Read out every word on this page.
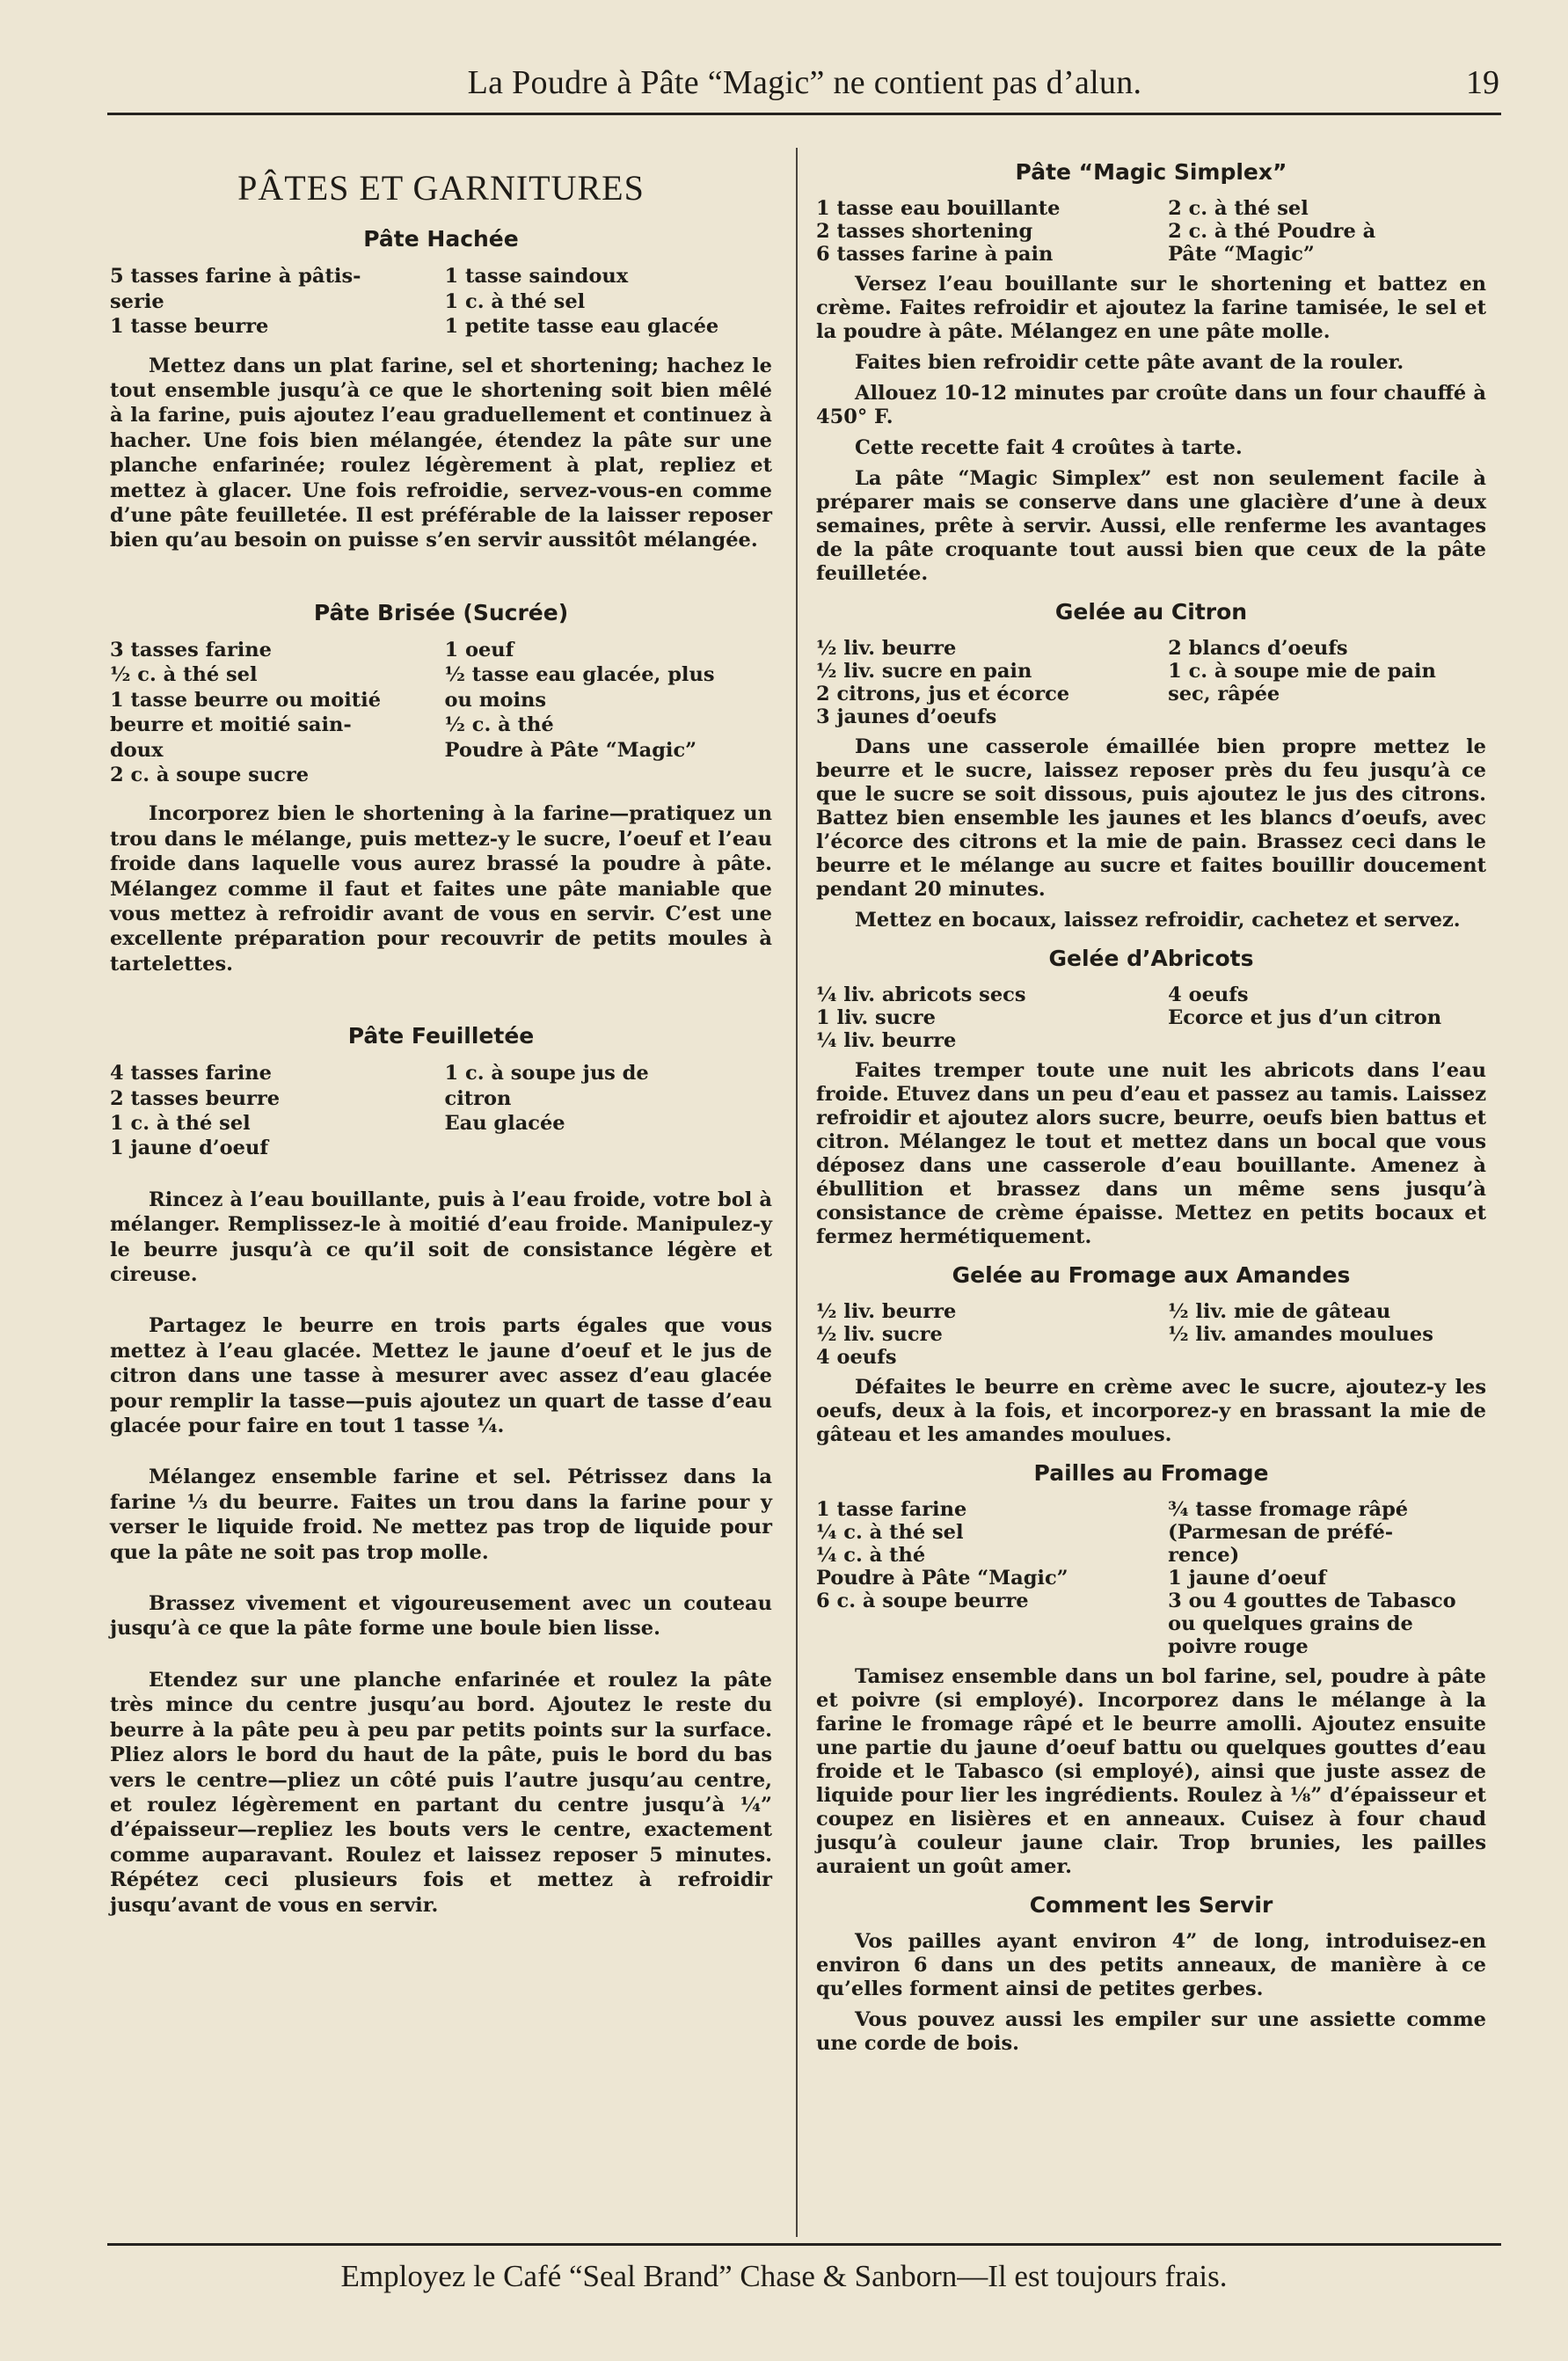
La Poudre à Pâte “Magic” ne contient pas d’alun.	19
PÂTES ET GARNITURES
Pâte Hachée
5 tasses farine à pâtis-
serie
1 tasse beurre
1 tasse saindoux
1 c. à thé sel
1 petite tasse eau glacée

Mettez dans un plat farine, sel et shortening; hachez le tout ensemble jusqu’à ce que le shortening soit bien mêlé à la farine, puis ajoutez l’eau graduellement et continuez à hacher. Une fois bien mélangée, étendez la pâte sur une planche enfarinée; roulez légèrement à plat, repliez et mettez à glacer. Une fois refroidie, servez-vous-en comme d’une pâte feuilletée. Il est préférable de la laisser reposer bien qu’au besoin on puisse s’en servir aussitôt mélangée.

Pâte Brisée (Sucrée)
3 tasses farine
½ c. à thé sel
1 tasse beurre ou moitié
beurre et moitié sain-
doux
2 c. à soupe sucre
1 oeuf
½ tasse eau glacée, plus
ou moins
½ c. à thé
Poudre à Pâte “Magic”

Incorporez bien le shortening à la farine—pratiquez un trou dans le mélange, puis mettez-y le sucre, l’oeuf et l’eau froide dans laquelle vous aurez brassé la poudre à pâte. Mélangez comme il faut et faites une pâte maniable que vous mettez à refroidir avant de vous en servir. C’est une excellente préparation pour recouvrir de petits moules à tartelettes.

Pâte Feuilletée
4 tasses farine
2 tasses beurre
1 c. à thé sel
1 jaune d’oeuf
1 c. à soupe jus de
citron
Eau glacée

Rincez à l’eau bouillante, puis à l’eau froide, votre bol à mélanger. Remplissez-le à moitié d’eau froide. Manipulez-y le beurre jusqu’à ce qu’il soit de consistance légère et cireuse.

Partagez le beurre en trois parts égales que vous mettez à l’eau glacée. Mettez le jaune d’oeuf et le jus de citron dans une tasse à mesurer avec assez d’eau glacée pour remplir la tasse—puis ajoutez un quart de tasse d’eau glacée pour faire en tout 1 tasse ¼.

Mélangez ensemble farine et sel. Pétrissez dans la farine ⅓ du beurre. Faites un trou dans la farine pour y verser le liquide froid. Ne mettez pas trop de liquide pour que la pâte ne soit pas trop molle.

Brassez vivement et vigoureusement avec un couteau jusqu’à ce que la pâte forme une boule bien lisse.

Etendez sur une planche enfarinée et roulez la pâte très mince du centre jusqu’au bord. Ajoutez le reste du beurre à la pâte peu à peu par petits points sur la surface. Pliez alors le bord du haut de la pâte, puis le bord du bas vers le centre—pliez un côté puis l’autre jusqu’au centre, et roulez légèrement en partant du centre jusqu’à ¼” d’épaisseur—repliez les bouts vers le centre, exactement comme auparavant. Roulez et laissez reposer 5 minutes. Répétez ceci plusieurs fois et mettez à refroidir jusqu’avant de vous en servir.

Pâte “Magic Simplex”
1 tasse eau bouillante
2 tasses shortening
6 tasses farine à pain
2 c. à thé sel
2 c. à thé Poudre à
Pâte “Magic”

Versez l’eau bouillante sur le shortening et battez en crème. Faites refroidir et ajoutez la farine tamisée, le sel et la poudre à pâte. Mélangez en une pâte molle.

Faites bien refroidir cette pâte avant de la rouler.

Allouez 10-12 minutes par croûte dans un four chauffé à 450° F.

Cette recette fait 4 croûtes à tarte.

La pâte “Magic Simplex” est non seulement facile à préparer mais se conserve dans une glacière d’une à deux semaines, prête à servir. Aussi, elle renferme les avantages de la pâte croquante tout aussi bien que ceux de la pâte feuilletée.

Gelée au Citron
½ liv. beurre
½ liv. sucre en pain
2 citrons, jus et écorce
3 jaunes d’oeufs
2 blancs d’oeufs
1 c. à soupe mie de pain
sec, râpée

Dans une casserole émaillée bien propre mettez le beurre et le sucre, laissez reposer près du feu jusqu’à ce que le sucre se soit dissous, puis ajoutez le jus des citrons. Battez bien ensemble les jaunes et les blancs d’oeufs, avec l’écorce des citrons et la mie de pain. Brassez ceci dans le beurre et le mélange au sucre et faites bouillir doucement pendant 20 minutes.

Mettez en bocaux, laissez refroidir, cachetez et servez.

Gelée d’Abricots
¼ liv. abricots secs
1 liv. sucre
¼ liv. beurre
4 oeufs
Ecorce et jus d’un citron

Faites tremper toute une nuit les abricots dans l’eau froide. Etuvez dans un peu d’eau et passez au tamis. Laissez refroidir et ajoutez alors sucre, beurre, oeufs bien battus et citron. Mélangez le tout et mettez dans un bocal que vous déposez dans une casserole d’eau bouillante. Amenez à ébullition et brassez dans un même sens jusqu’à consistance de crème épaisse. Mettez en petits bocaux et fermez hermétiquement.

Gelée au Fromage aux Amandes
½ liv. beurre
½ liv. sucre
4 oeufs
½ liv. mie de gâteau
½ liv. amandes moulues

Défaites le beurre en crème avec le sucre, ajoutez-y les oeufs, deux à la fois, et incorporez-y en brassant la mie de gâteau et les amandes moulues.

Pailles au Fromage
1 tasse farine
¼ c. à thé sel
¼ c. à thé
Poudre à Pâte “Magic”
6 c. à soupe beurre
¾ tasse fromage râpé
(Parmesan de préfé-
rence)
1 jaune d’oeuf
3 ou 4 gouttes de Tabasco
ou quelques grains de
poivre rouge

Tamisez ensemble dans un bol farine, sel, poudre à pâte et poivre (si employé). Incorporez dans le mélange à la farine le fromage râpé et le beurre amolli. Ajoutez ensuite une partie du jaune d’oeuf battu ou quelques gouttes d’eau froide et le Tabasco (si employé), ainsi que juste assez de liquide pour lier les ingrédients. Roulez à ⅛” d’épaisseur et coupez en lisières et en anneaux. Cuisez à four chaud jusqu’à couleur jaune clair. Trop brunies, les pailles auraient un goût amer.

Comment les Servir

Vos pailles ayant environ 4” de long, introduisez-en environ 6 dans un des petits anneaux, de manière à ce qu’elles forment ainsi de petites gerbes.

Vous pouvez aussi les empiler sur une assiette comme une corde de bois.

Employez le Café “Seal Brand” Chase & Sanborn—Il est toujours frais.
